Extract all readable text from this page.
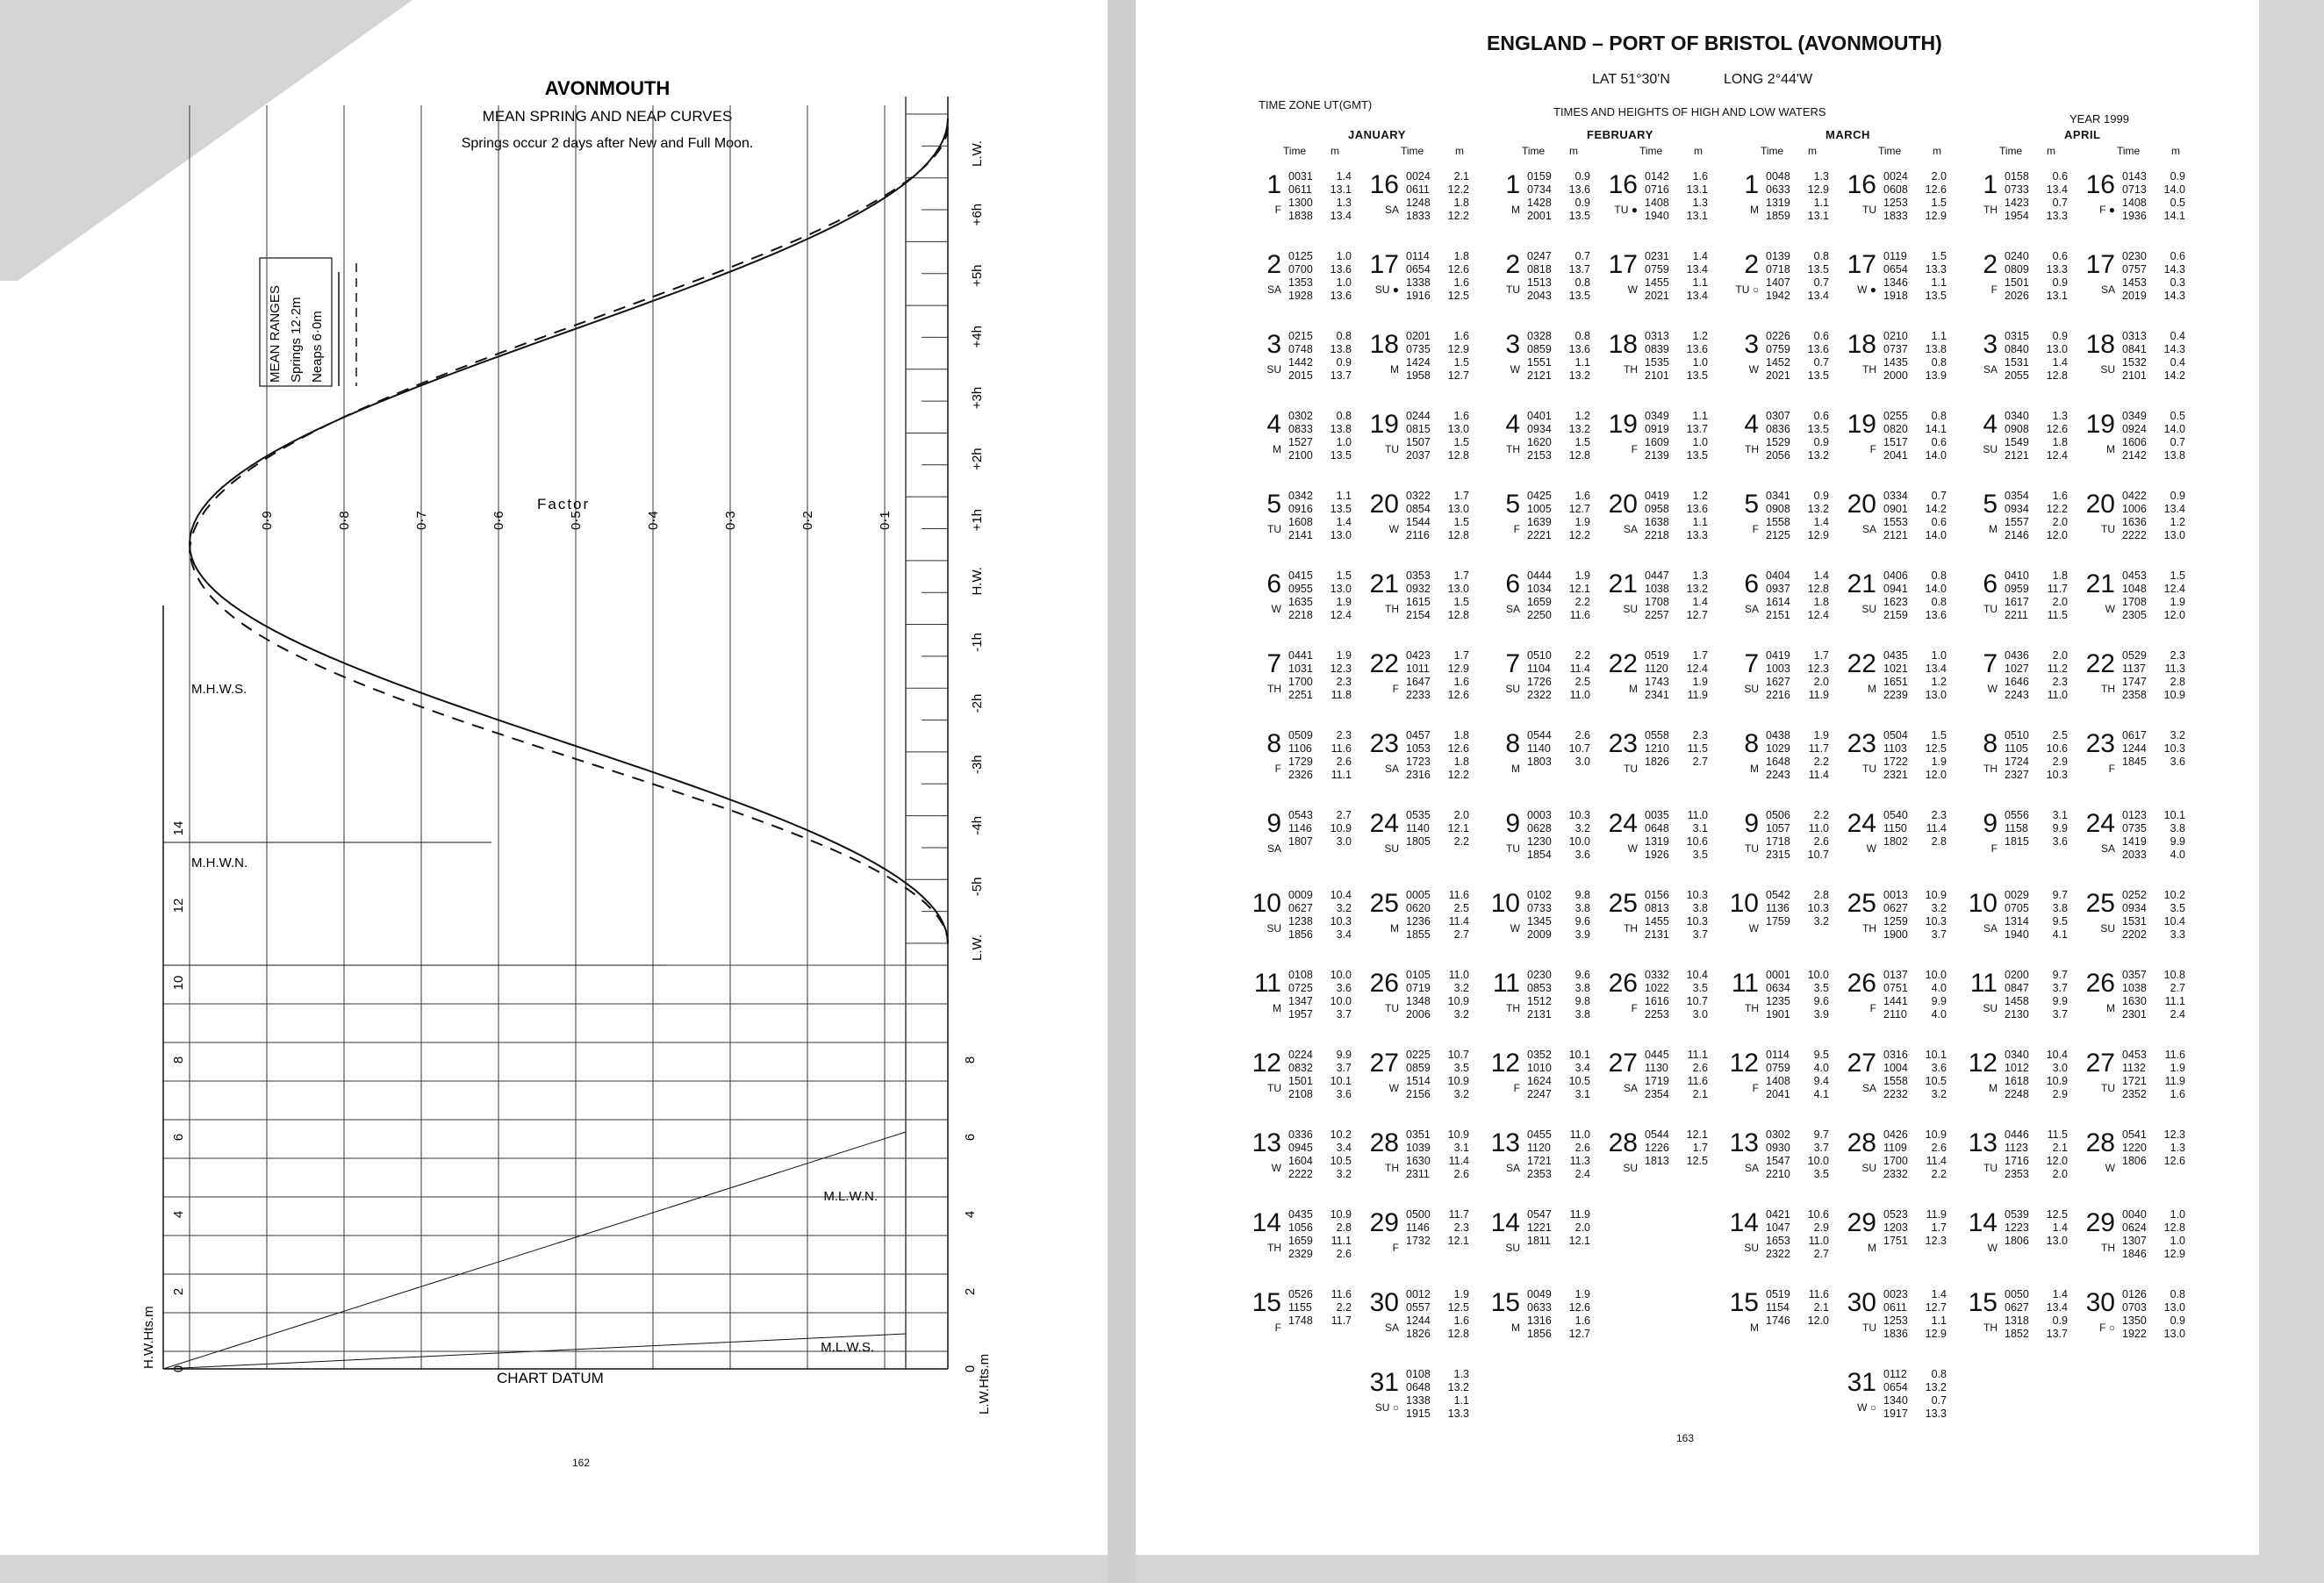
AVONMOUTH
MEAN SPRING AND NEAP CURVES
Springs occur 2 days after New and Full Moon.
MEAN RANGES Springs 12·2m Neaps 6·0m
0·9	0·8	0·7	0·6	0·5	0·4	0·3	0·2	0·1
Factor
L.W.
+6h
+5h
+4h
+3h
+2h
+1h
H.W.
-1h
-2h
-3h
-4h
-5h
L.W.
0
2
4
6
8
10
12
14
H.W.Hts.m	0
2
4
6
8
L.W.Hts.m
M.H.W.S.
M.H.W.N.
M.L.W.N.
M.L.W.S.
CHART DATUM
ENGLAND – PORT OF BRISTOL (AVONMOUTH)
LAT 51°30'N	LONG 2°44'W
TIME ZONE UT(GMT)
TIMES AND HEIGHTS OF HIGH AND LOW WATERS
YEAR 1999
JANUARY
Time m	Time	m
1
F
0031 1.4
0611 13.1
1300 1.3
1838 13.4
2
SA
0125 1.0
0700 13.6
1353 1.0
1928 13.6
3
SU
0215 0.8
0748 13.8
1442 0.9
2015 13.7
4
M
0302 0.8
0833 13.8
1527 1.0
2100 13.5
5
TU
0342 1.1
0916 13.5
1608 1.4
2141 13.0
6
W
0415 1.5
0955 13.0
1635 1.9
2218 12.4
7
TH
0441 1.9
1031 12.3
1700 2.3
2251 11.8
8
F
0509 2.3
1106 11.6
1729 2.6
2326 11.1
9
SA
0543 2.7
1146 10.9
1807 3.0
10
SU
0009 10.4
0627 3.2
1238 10.3
1856 3.4
11
M
0108 10.0
0725 3.6
1347 10.0
1957 3.7
12
TU
0224 9.9
0832 3.7
1501 10.1
2108 3.6
13
W
0336 10.2
0945 3.4
1604 10.5
2222 3.2
14
TH
0435 10.9
1056 2.8
1659 11.1
2329 2.6
15
F
0526 11.6
1155 2.2
1748 11.7
16
SA
0024 2.1
0611 12.2
1248 1.8
1833 12.2
17
SU ●
0114 1.8
0654 12.6
1338 1.6
1916 12.5
18
M
0201 1.6
0735 12.9
1424 1.5
1958 12.7
19
TU
0244 1.6
0815 13.0
1507 1.5
2037 12.8
20
W
0322 1.7
0854 13.0
1544 1.5
2116 12.8
21
TH
0353 1.7
0932 13.0
1615 1.5
2154 12.8
22
F
0423 1.7
1011 12.9
1647 1.6
2233 12.6
23
SA
0457 1.8
1053 12.6
1723 1.8
2316 12.2
24
SU
0535 2.0
1140 12.1
1805 2.2
25
M
0005 11.6
0620 2.5
1236 11.4
1855 2.7
26
TU
0105 11.0
0719 3.2
1348 10.9
2006 3.2
27
W
0225 10.7
0859 3.5
1514 10.9
2156 3.2
28
TH
0351 10.9
1039 3.1
1630 11.4
2311 2.6
29
F
0500 11.7
1146 2.3
1732 12.1
30
SA
0012 1.9
0557 12.5
1244 1.6
1826 12.8
31
SU ○
0108 1.3
0648 13.2
1338 1.1
1915 13.3
FEBRUARY
Time m	Time	m
1
M
0159 0.9
0734 13.6
1428 0.9
2001 13.5
2
TU
0247 0.7
0818 13.7
1513 0.8
2043 13.5
3
W
0328 0.8
0859 13.6
1551 1.1
2121 13.2
4
TH
0401 1.2
0934 13.2
1620 1.5
2153 12.8
5
F
0425 1.6
1005 12.7
1639 1.9
2221 12.2
6
SA
0444 1.9
1034 12.1
1659 2.2
2250 11.6
7
SU
0510 2.2
1104 11.4
1726 2.5
2322 11.0
8
M
0544 2.6
1140 10.7
1803 3.0
9
TU
0003 10.3
0628 3.2
1230 10.0
1854 3.6
10
W
0102 9.8
0733 3.8
1345 9.6
2009 3.9
11
TH
0230 9.6
0853 3.8
1512 9.8
2131 3.8
12
F
0352 10.1
1010 3.4
1624 10.5
2247 3.1
13
SA
0455 11.0
1120 2.6
1721 11.3
2353 2.4
14
SU
0547 11.9
1221 2.0
1811 12.1
15
M
0049 1.9
0633 12.6
1316 1.6
1856 12.7
16
TU ●
0142 1.6
0716 13.1
1408 1.3
1940 13.1
17
W
0231 1.4
0759 13.4
1455 1.1
2021 13.4
18
TH
0313 1.2
0839 13.6
1535 1.0
2101 13.5
19
F
0349 1.1
0919 13.7
1609 1.0
2139 13.5
20
SA
0419 1.2
0958 13.6
1638 1.1
2218 13.3
21
SU
0447 1.3
1038 13.2
1708 1.4
2257 12.7
22
M
0519 1.7
1120 12.4
1743 1.9
2341 11.9
23
TU
0558 2.3
1210 11.5
1826 2.7
24
W
0035 11.0
0648 3.1
1319 10.6
1926 3.5
25
TH
0156 10.3
0813 3.8
1455 10.3
2131 3.7
26
F
0332 10.4
1022 3.5
1616 10.7
2253 3.0
27
SA
0445 11.1
1130 2.6
1719 11.6
2354 2.1
28
SU
0544 12.1
1226 1.7
1813 12.5
MARCH
Time m	Time	m
1
M
0048 1.3
0633 12.9
1319 1.1
1859 13.1
2
TU ○
0139 0.8
0718 13.5
1407 0.7
1942 13.4
3
W
0226 0.6
0759 13.6
1452 0.7
2021 13.5
4
TH
0307 0.6
0836 13.5
1529 0.9
2056 13.2
5
F
0341 0.9
0908 13.2
1558 1.4
2125 12.9
6
SA
0404 1.4
0937 12.8
1614 1.8
2151 12.4
7
SU
0419 1.7
1003 12.3
1627 2.0
2216 11.9
8
M
0438 1.9
1029 11.7
1648 2.2
2243 11.4
9
TU
0506 2.2
1057 11.0
1718 2.6
2315 10.7
10
W
0542 2.8
1136 10.3
1759 3.2
11
TH
0001 10.0
0634 3.5
1235 9.6
1901 3.9
12
F
0114 9.5
0759 4.0
1408 9.4
2041 4.1
13
SA
0302 9.7
0930 3.7
1547 10.0
2210 3.5
14
SU
0421 10.6
1047 2.9
1653 11.0
2322 2.7
15
M
0519 11.6
1154 2.1
1746 12.0
16
TU
0024 2.0
0608 12.6
1253 1.5
1833 12.9
17
W ●
0119 1.5
0654 13.3
1346 1.1
1918 13.5
18
TH
0210 1.1
0737 13.8
1435 0.8
2000 13.9
19
F
0255 0.8
0820 14.1
1517 0.6
2041 14.0
20
SA
0334 0.7
0901 14.2
1553 0.6
2121 14.0
21
SU
0406 0.8
0941 14.0
1623 0.8
2159 13.6
22
M
0435 1.0
1021 13.4
1651 1.2
2239 13.0
23
TU
0504 1.5
1103 12.5
1722 1.9
2321 12.0
24
W
0540 2.3
1150 11.4
1802 2.8
25
TH
0013 10.9
0627 3.2
1259 10.3
1900 3.7
26
F
0137 10.0
0751 4.0
1441 9.9
2110 4.0
27
SA
0316 10.1
1004 3.6
1558 10.5
2232 3.2
28
SU
0426 10.9
1109 2.6
1700 11.4
2332 2.2
29
M
0523 11.9
1203 1.7
1751 12.3
30
TU
0023 1.4
0611 12.7
1253 1.1
1836 12.9
31
W ○
0112 0.8
0654 13.2
1340 0.7
1917 13.3
APRIL
Time m	Time	m
1
TH
0158 0.6
0733 13.4
1423 0.7
1954 13.3
2
F
0240 0.6
0809 13.3
1501 0.9
2026 13.1
3
SA
0315 0.9
0840 13.0
1531 1.4
2055 12.8
4
SU
0340 1.3
0908 12.6
1549 1.8
2121 12.4
5
M
0354 1.6
0934 12.2
1557 2.0
2146 12.0
6
TU
0410 1.8
0959 11.7
1617 2.0
2211 11.5
7
W
0436 2.0
1027 11.2
1646 2.3
2243 11.0
8
TH
0510 2.5
1105 10.6
1724 2.9
2327 10.3
9
F
0556 3.1
1158 9.9
1815 3.6
10
SA
0029 9.7
0705 3.8
1314 9.5
1940 4.1
11
SU
0200 9.7
0847 3.7
1458 9.9
2130 3.7
12
M
0340 10.4
1012 3.0
1618 10.9
2248 2.9
13
TU
0446 11.5
1123 2.1
1716 12.0
2353 2.0
14
W
0539 12.5
1223 1.4
1806 13.0
15
TH
0050 1.4
0627 13.4
1318 0.9
1852 13.7
16
F ●
0143 0.9
0713 14.0
1408 0.5
1936 14.1
17
SA
0230 0.6
0757 14.3
1453 0.3
2019 14.3
18
SU
0313 0.4
0841 14.3
1532 0.4
2101 14.2
19
M
0349 0.5
0924 14.0
1606 0.7
2142 13.8
20
TU
0422 0.9
1006 13.4
1636 1.2
2222 13.0
21
W
0453 1.5
1048 12.4
1708 1.9
2305 12.0
22
TH
0529 2.3
1137 11.3
1747 2.8
2358 10.9
23
F
0617 3.2
1244 10.3
1845 3.6
24
SA
0123 10.1
0735 3.8
1419 9.9
2033 4.0
25
SU
0252 10.2
0934 3.5
1531 10.4
2202 3.3
26
M
0357 10.8
1038 2.7
1630 11.1
2301 2.4
27
TU
0453 11.6
1132 1.9
1721 11.9
2352 1.6
28
W
0541 12.3
1220 1.3
1806 12.6
29
TH
0040 1.0
0624 12.8
1307 1.0
1846 12.9
30
F ○
0126 0.8
0703 13.0
1350 0.9
1922 13.0
163
162
